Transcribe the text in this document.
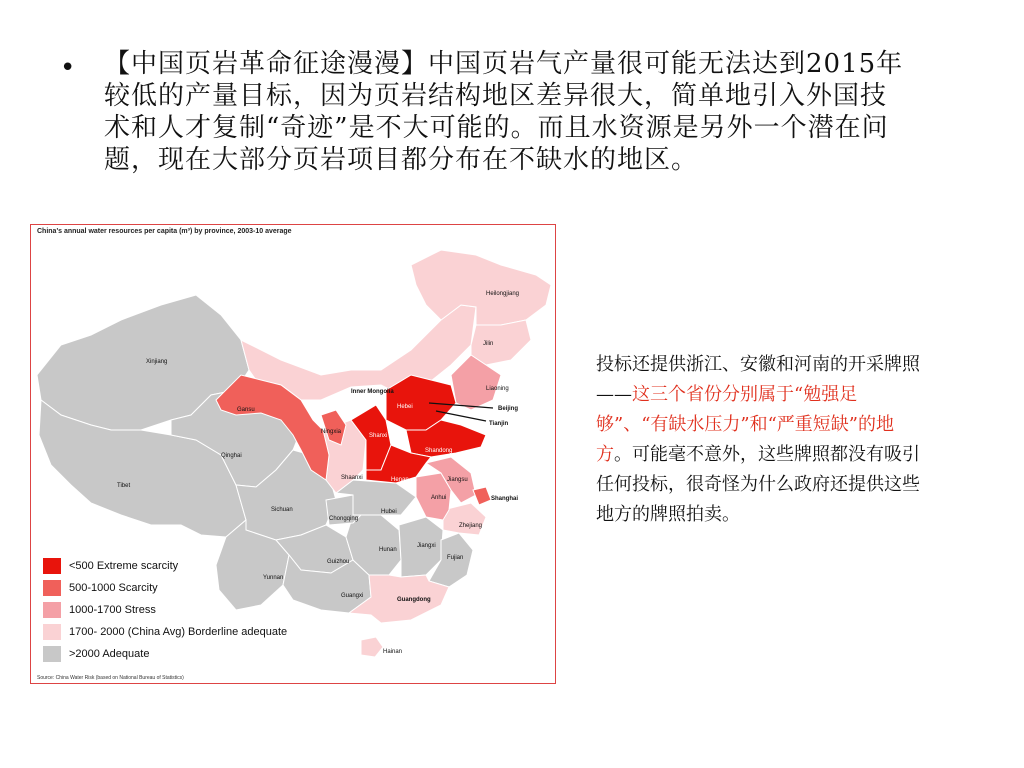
• 【中国页岩革命征途漫漫】中国页岩气产量很可能无法达到2015年较低的产量目标，因为页岩结构地区差异很大，简单地引入外国技术和人才复制“奇迹”是不大可能的。而且水资源是另外一个潜在问题，现在大部分页岩项目都分布在不缺水的地区。
Xinjiang
Tibet
Qinghai
Gansu
Inner Mongolia
Heilongjiang
Jilin
Liaoning
Hebei	Beijing
Tianjin
Ningxia
Shanxi
Shandong
Shaanxi	Henan	Jiangsu
Shanghai
Anhui
Hubei
Chongqing
Sichuan
Zhejiang
Hunan
Jiangxi
Fujian
Guizhou
Yunnan
Guangxi
Guangdong
Hainan
China's annual water resources per capita (m³) by province, 2003-10 average
<500 Extreme scarcity
500-1000 Scarcity
1000-1700 Stress
1700- 2000 (China Avg) Borderline adequate
>2000 Adequate
Source: China Water Risk (based on National Bureau of Statistics)
投标还提供浙江、安徽和河南的开采牌照——这三个省份分别属于“勉强足够”、“有缺水压力”和“严重短缺”的地方。可能毫不意外，这些牌照都没有吸引任何投标，很奇怪为什么政府还提供这些地方的牌照拍卖。
